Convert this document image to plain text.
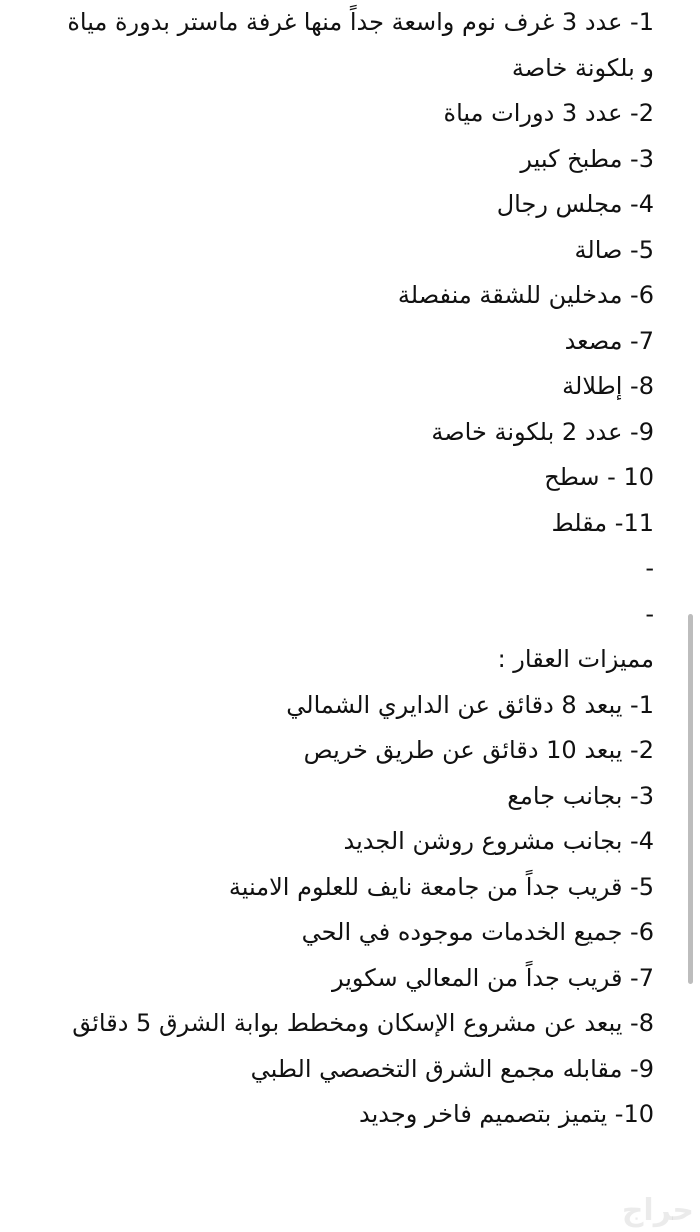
1- عدد 3 غرف نوم واسعة جداً منها غرفة ماستر بدورة مياة و بلكونة خاصة
2- عدد 3 دورات مياة
3- مطبخ كبير
4- مجلس رجال
5- صالة
6- مدخلين للشقة منفصلة
7- مصعد
8- إطلالة
9- عدد 2 بلكونة خاصة
10 - سطح
11- مقلط
-
-
مميزات العقار :
1- يبعد 8 دقائق عن الدايري الشمالي
2- يبعد 10 دقائق عن طريق خريص
3- بجانب جامع
4- بجانب مشروع روشن الجديد
5- قريب جداً من جامعة نايف للعلوم الامنية
6- جميع الخدمات موجوده في الحي
7- قريب جداً من المعالي سكوير
8- يبعد عن مشروع الإسكان ومخطط بوابة الشرق 5 دقائق
9- مقابله مجمع الشرق التخصصي الطبي
10- يتميز بتصميم فاخر وجديد
حراج
